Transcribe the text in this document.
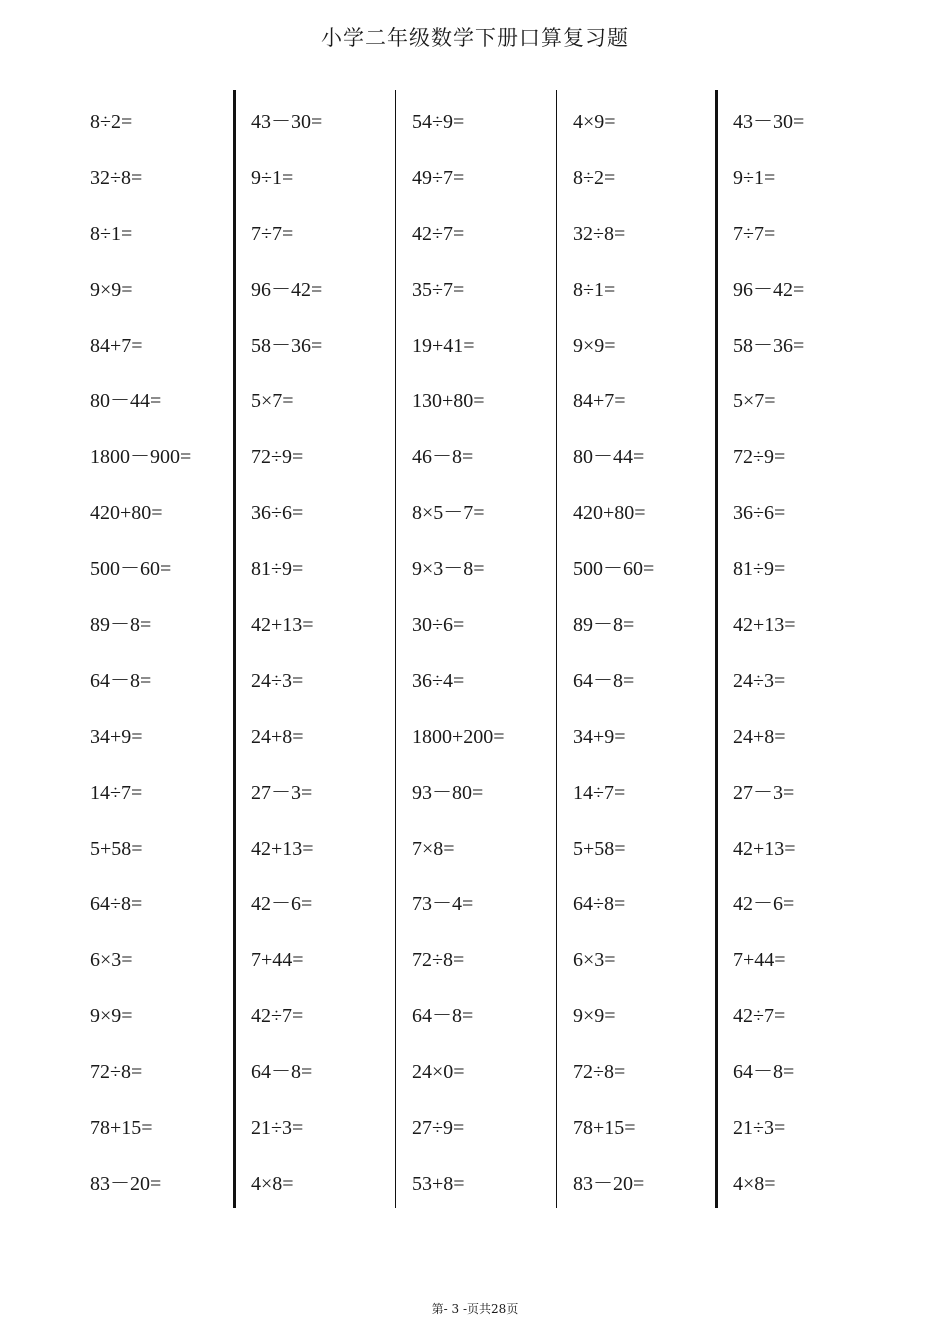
小学二年级数学下册口算复习题
8÷2=
32÷8=
8÷1=
9×9=
84+7=
80－44=
1800－900=
420+80=
500－60=
89－8=
64－8=
34+9=
14÷7=
5+58=
64÷8=
6×3=
9×9=
72÷8=
78+15=
83－20=
43－30=
9÷1=
7÷7=
96－42=
58－36=
5×7=
72÷9=
36÷6=
81÷9=
42+13=
24÷3=
24+8=
27－3=
42+13=
42－6=
7+44=
42÷7=
64－8=
21÷3=
4×8=
54÷9=
49÷7=
42÷7=
35÷7=
19+41=
130+80=
46－8=
8×5－7=
9×3－8=
30÷6=
36÷4=
1800+200=
93－80=
7×8=
73－4=
72÷8=
64－8=
24×0=
27÷9=
53+8=
4×9=
8÷2=
32÷8=
8÷1=
9×9=
84+7=
80－44=
420+80=
500－60=
89－8=
64－8=
34+9=
14÷7=
5+58=
64÷8=
6×3=
9×9=
72÷8=
78+15=
83－20=
43－30=
9÷1=
7÷7=
96－42=
58－36=
5×7=
72÷9=
36÷6=
81÷9=
42+13=
24÷3=
24+8=
27－3=
42+13=
42－6=
7+44=
42÷7=
64－8=
21÷3=
4×8=
第- 3 -页共28页
